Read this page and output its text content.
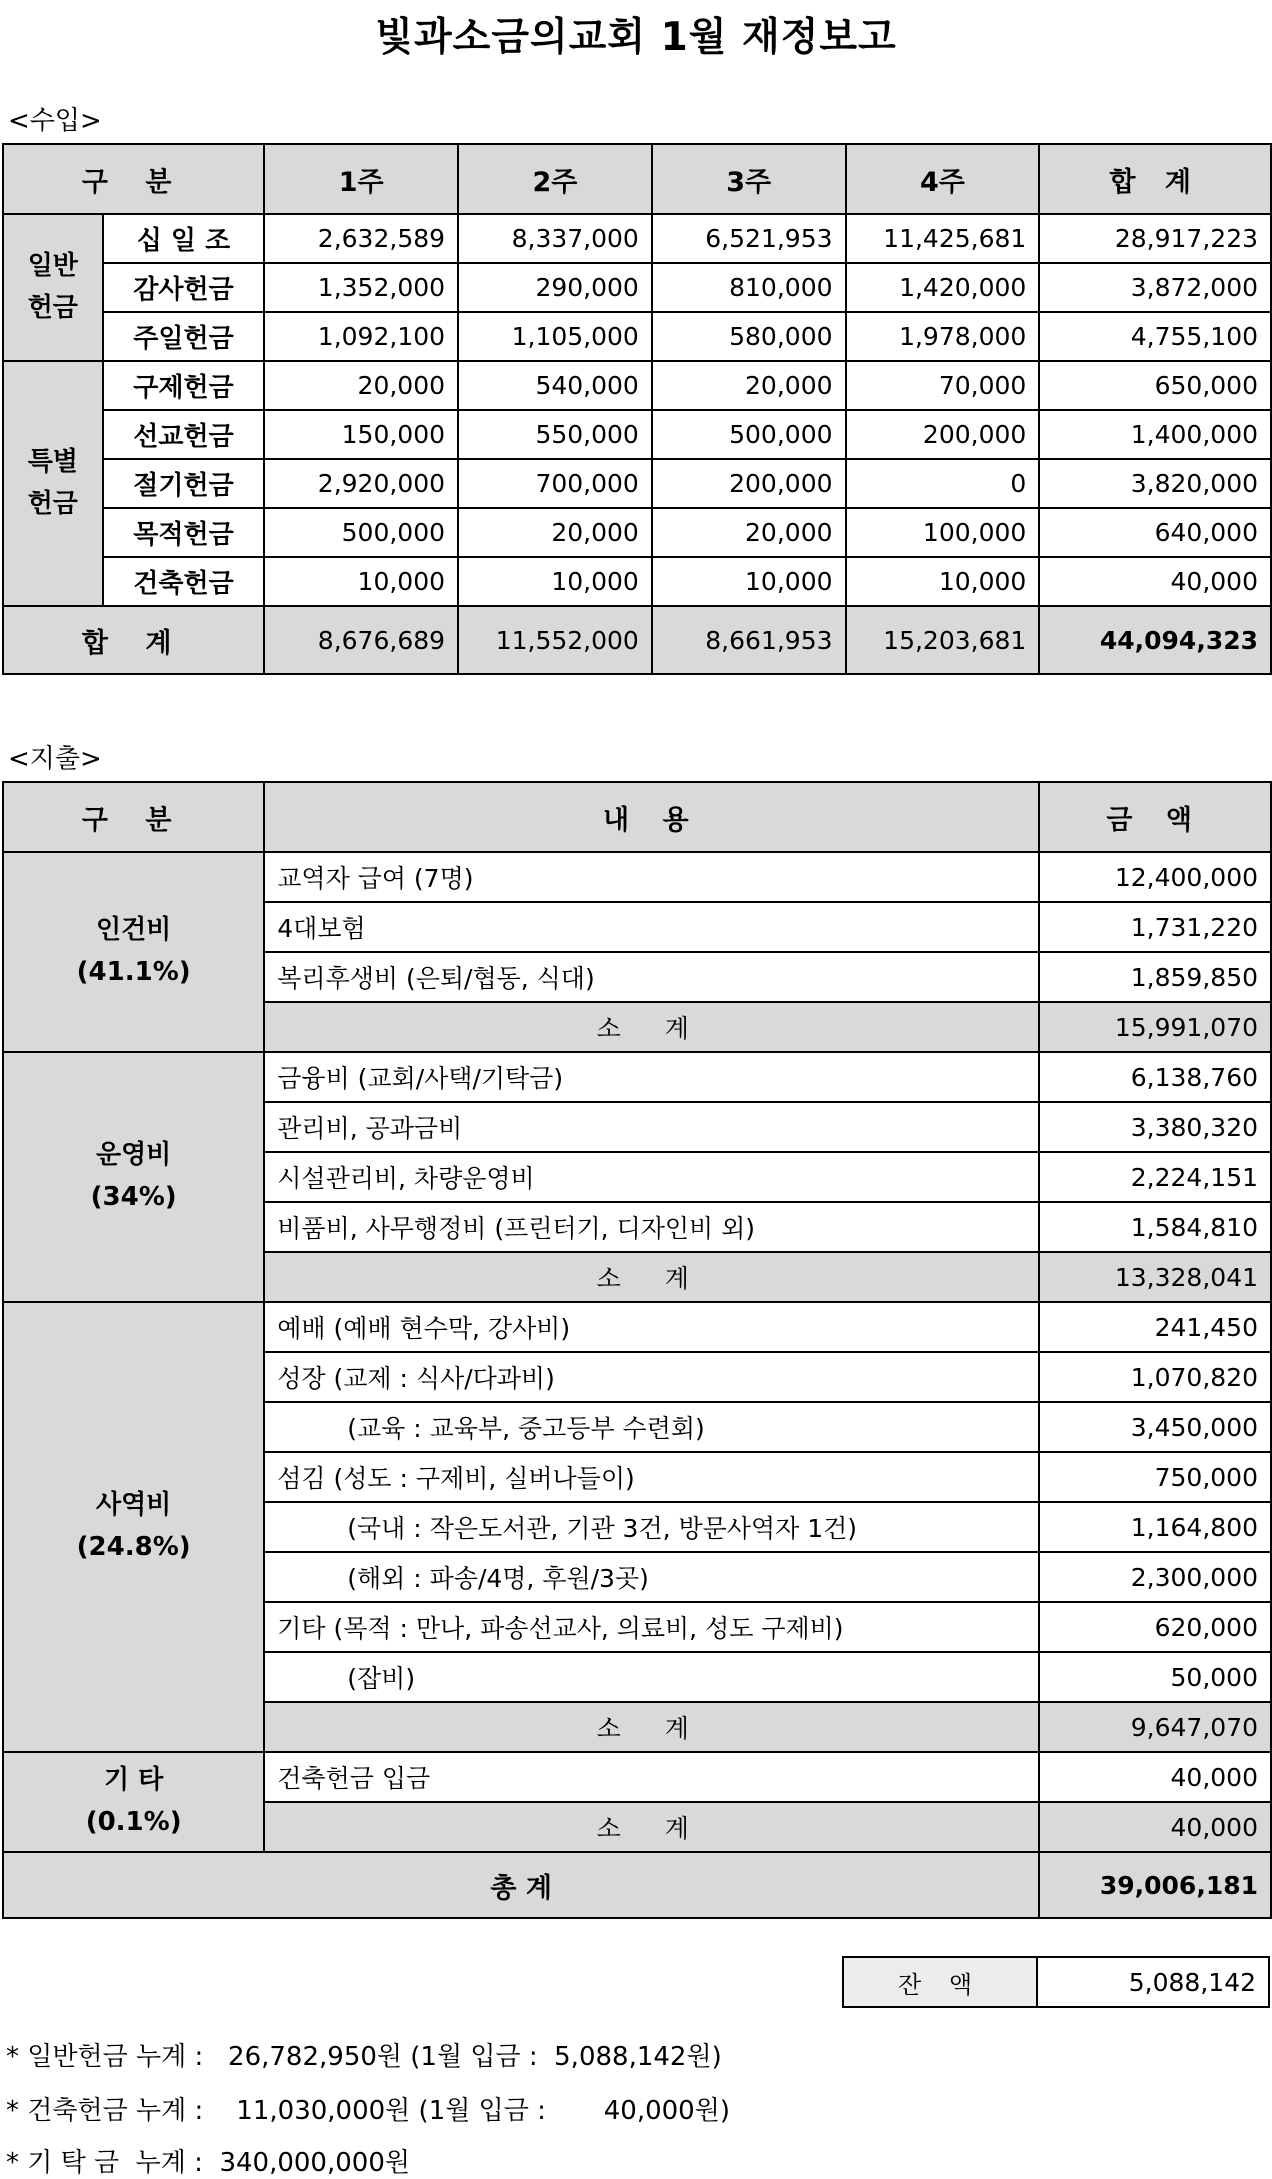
빛과소금의교회 1월 재정보고
<수입>
구 분		1주	2주	3주	4주	합 계
일반
헌금	십 일 조	2,632,589	8,337,000	6,521,953	11,425,681	28,917,223
	감사헌금	1,352,000	290,000	810,000	1,420,000	3,872,000
	주일헌금	1,092,100	1,105,000	580,000	1,978,000	4,755,100
특별
헌금	구제헌금	20,000	540,000	20,000	70,000	650,000
	선교헌금	150,000	550,000	500,000	200,000	1,400,000
	절기헌금	2,920,000	700,000	200,000	0	3,820,000
	목적헌금	500,000	20,000	20,000	100,000	640,000
	건축헌금	10,000	10,000	10,000	10,000	40,000
합 계		8,676,689	11,552,000	8,661,953	15,203,681	44,094,323
<지출>
구 분	내 용	금 액
인건비
(41.1%)	교역자 급여 (7명)	12,400,000
	4대보험	1,731,220
	복리후생비 (은퇴/협동, 식대)	1,859,850
	소 계	15,991,070
운영비
(34%)	금융비 (교회/사택/기탁금)	6,138,760
	관리비, 공과금비	3,380,320
	시설관리비, 차량운영비	2,224,151
	비품비, 사무행정비 (프린터기, 디자인비 외)	1,584,810
	소 계	13,328,041
사역비
(24.8%)	예배 (예배 현수막, 강사비)	241,450
	성장 (교제 : 식사/다과비)	1,070,820
	(교육 : 교육부, 중고등부 수련회)	3,450,000
	섬김 (성도 : 구제비, 실버나들이)	750,000
	(국내 : 작은도서관, 기관 3건, 방문사역자 1건)	1,164,800
	(해외 : 파송/4명, 후원/3곳)	2,300,000
	기타 (목적 : 만나, 파송선교사, 의료비, 성도 구제비)	620,000
	(잡비)	50,000
	소 계	9,647,070
기 타
(0.1%)	건축헌금 입금	40,000
	소 계	40,000
총 계		39,006,181
잔 액	5,088,142
* 일반헌금 누계 :   26,782,950원 (1월 입금 :  5,088,142원)
* 건축헌금 누계 :    11,030,000원 (1월 입금 :       40,000원)
* 기 탁 금  누계 :  340,000,000원
